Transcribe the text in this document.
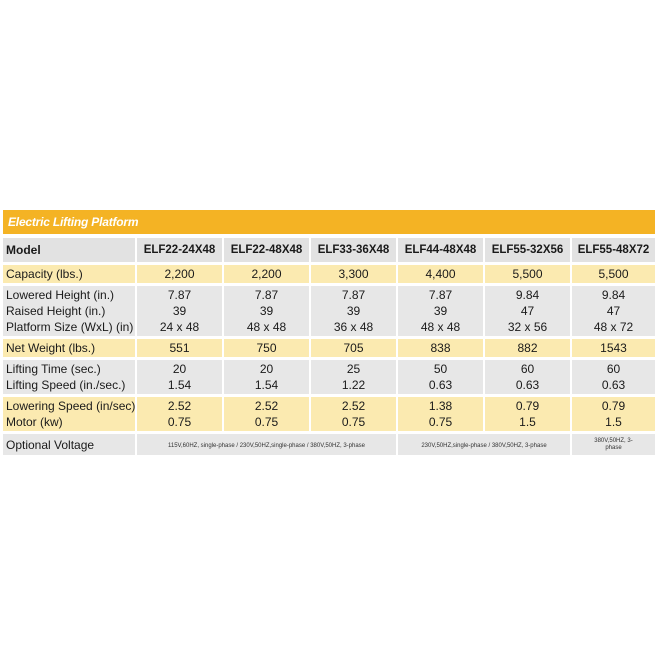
Electric Lifting Platform
Model	ELF22-24X48	ELF22-48X48	ELF33-36X48	ELF44-48X48	ELF55-32X56	ELF55-48X72

Capacity (lbs.)	2,200	2,200	3,300	4,400	5,500	5,500

Lowered Height (in.)	7.87	7.87	7.87	7.87	9.84	9.84
Raised Height (in.)	39	39	39	39	47	47
Platform Size (WxL) (in)	24 x 48	48 x 48	36 x 48	48 x 48	32 x 56	48 x 72

Net Weight (lbs.)	551	750	705	838	882	1543

Lifting Time (sec.)	20	20	25	50	60	60
Lifting Speed (in./sec.)	1.54	1.54	1.22	0.63	0.63	0.63

Lowering Speed (in/sec)	2.52	2.52	2.52	1.38	0.79	0.79
Motor (kw)	0.75	0.75	0.75	0.75	1.5	1.5

Optional Voltage	115V,60HZ, single-phase / 230V,50HZ,single-phase / 380V,50HZ, 3-phase			230V,50HZ,single-phase / 380V,50HZ, 3-phase		380V,50HZ, 3-phase
